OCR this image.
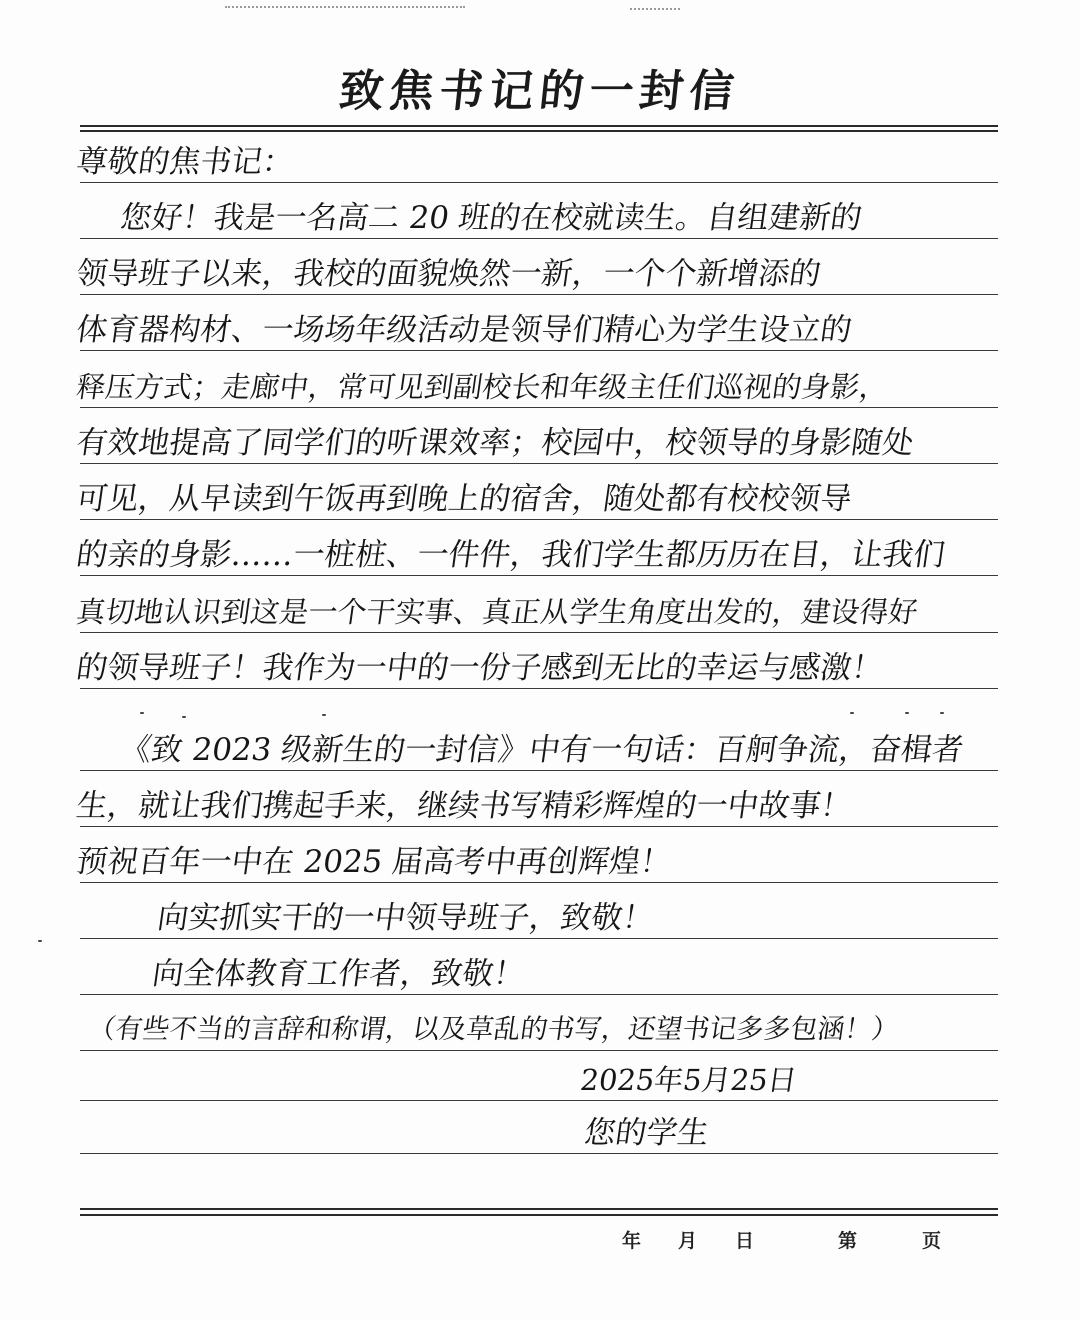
致焦书记的一封信
尊敬的焦书记：
您好！我是一名高二 20 班的在校就读生。自组建新的
领导班子以来，我校的面貌焕然一新，一个个新增添的
体育器构材、一场场年级活动是领导们精心为学生设立的
释压方式；走廊中，常可见到副校长和年级主任们巡视的身影，
有效地提高了同学们的听课效率；校园中，校领导的身影随处
可见，从早读到午饭再到晚上的宿舍，随处都有校校领导
的亲的身影……一桩桩、一件件，我们学生都历历在目，让我们
真切地认识到这是一个干实事、真正从学生角度出发的，建设得好
的领导班子！我作为一中的一份子感到无比的幸运与感激！
《致 2023 级新生的一封信》中有一句话：百舸争流，奋楫者
生，就让我们携起手来，继续书写精彩辉煌的一中故事！
预祝百年一中在 2025 届高考中再创辉煌！
向实抓实干的一中领导班子，致敬！
向全体教育工作者，致敬！
（有些不当的言辞和称谓，以及草乱的书写，还望书记多多包涵！）
2025年5月25日
您的学生
年 月 日	第	页
